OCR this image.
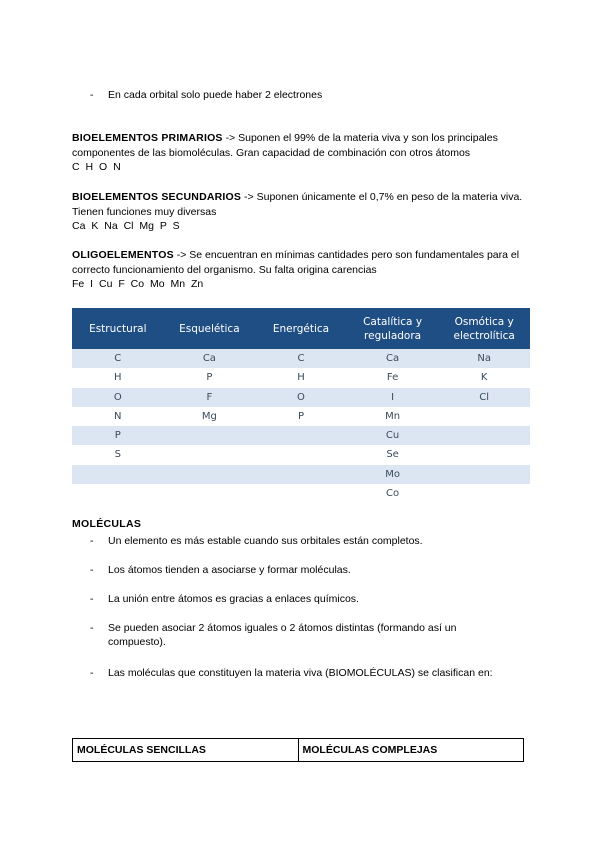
- En cada orbital solo puede haber 2 electrones
BIOELEMENTOS PRIMARIOS -> Suponen el 99% de la materia viva y son los principales componentes de las biomoléculas. Gran capacidad de combinación con otros átomos
C H O N
BIOELEMENTOS SECUNDARIOS -> Suponen únicamente el 0,7% en peso de la materia viva. Tienen funciones muy diversas
Ca K Na Cl Mg P S
OLIGOELEMENTOS -> Se encuentran en mínimas cantidades pero son fundamentales para el correcto funcionamiento del organismo. Su falta origina carencias
Fe I Cu F Co Mo Mn Zn
Estructural	Esquelética	Energética	Catalítica y reguladora	Osmótica y electrolítica
C	Ca	C	Ca	Na
H	P	H	Fe	K
O	F	O	I	Cl
N	Mg	P	Mn	
P			Cu	
S			Se	
			Mo	
			Co	
MOLÉCULAS
- Un elemento es más estable cuando sus orbitales están completos.
- Los átomos tienden a asociarse y formar moléculas.
- La unión entre átomos es gracias a enlaces químicos.
- Se pueden asociar 2 átomos iguales o 2 átomos distintas (formando así un compuesto).
- Las moléculas que constituyen la materia viva (BIOMOLÉCULAS) se clasifican en:
MOLÉCULAS SENCILLAS	MOLÉCULAS COMPLEJAS
